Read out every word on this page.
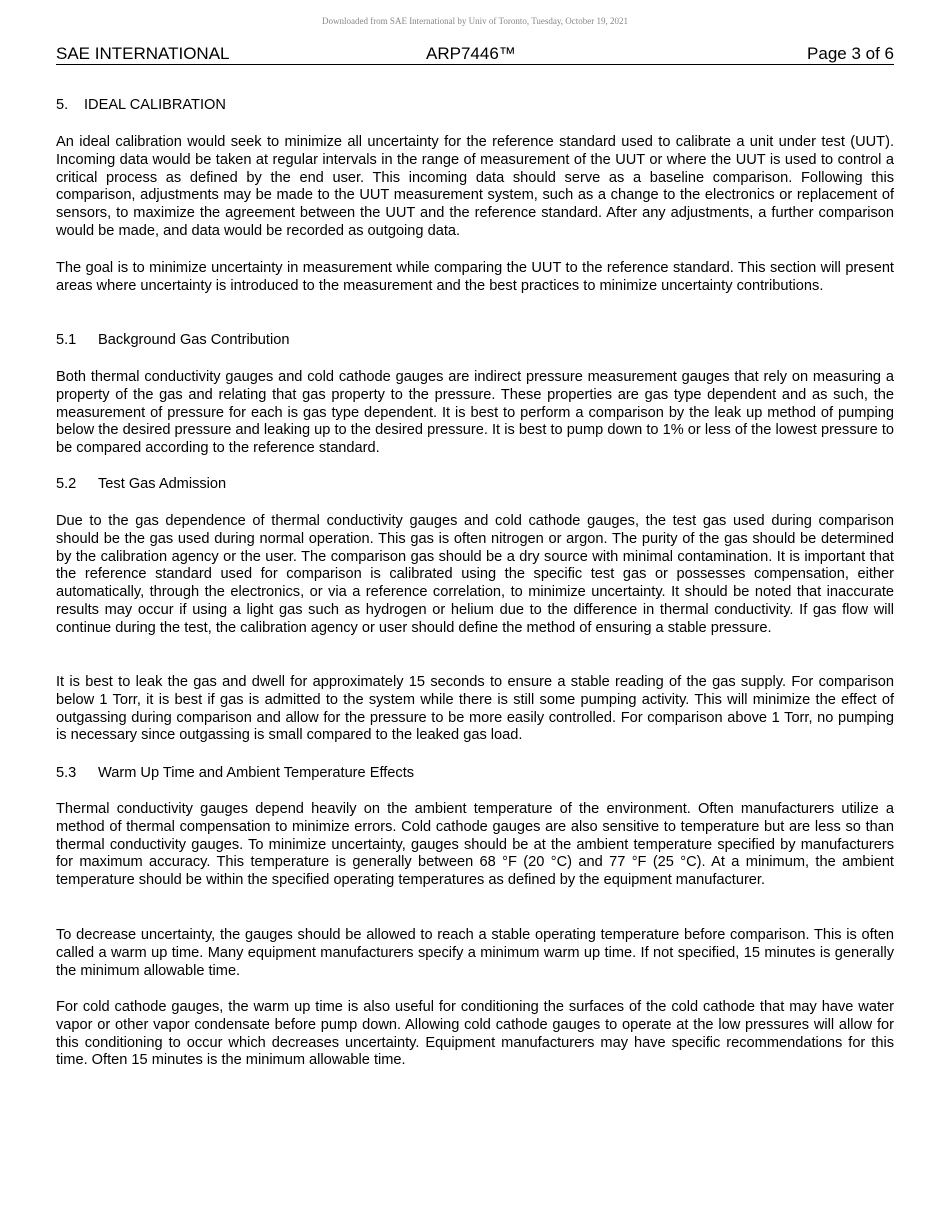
Downloaded from SAE International by Univ of Toronto, Tuesday, October 19, 2021
SAE INTERNATIONAL	ARP7446™	Page 3 of 6
5. IDEAL CALIBRATION
An ideal calibration would seek to minimize all uncertainty for the reference standard used to calibrate a unit under test (UUT). Incoming data would be taken at regular intervals in the range of measurement of the UUT or where the UUT is used to control a critical process as defined by the end user. This incoming data should serve as a baseline comparison. Following this comparison, adjustments may be made to the UUT measurement system, such as a change to the electronics or replacement of sensors, to maximize the agreement between the UUT and the reference standard. After any adjustments, a further comparison would be made, and data would be recorded as outgoing data.
The goal is to minimize uncertainty in measurement while comparing the UUT to the reference standard. This section will present areas where uncertainty is introduced to the measurement and the best practices to minimize uncertainty contributions.
5.1 Background Gas Contribution
Both thermal conductivity gauges and cold cathode gauges are indirect pressure measurement gauges that rely on measuring a property of the gas and relating that gas property to the pressure. These properties are gas type dependent and as such, the measurement of pressure for each is gas type dependent. It is best to perform a comparison by the leak up method of pumping below the desired pressure and leaking up to the desired pressure. It is best to pump down to 1% or less of the lowest pressure to be compared according to the reference standard.
5.2 Test Gas Admission
Due to the gas dependence of thermal conductivity gauges and cold cathode gauges, the test gas used during comparison should be the gas used during normal operation. This gas is often nitrogen or argon. The purity of the gas should be determined by the calibration agency or the user. The comparison gas should be a dry source with minimal contamination. It is important that the reference standard used for comparison is calibrated using the specific test gas or possesses compensation, either automatically, through the electronics, or via a reference correlation, to minimize uncertainty. It should be noted that inaccurate results may occur if using a light gas such as hydrogen or helium due to the difference in thermal conductivity. If gas flow will continue during the test, the calibration agency or user should define the method of ensuring a stable pressure.
It is best to leak the gas and dwell for approximately 15 seconds to ensure a stable reading of the gas supply. For comparison below 1 Torr, it is best if gas is admitted to the system while there is still some pumping activity. This will minimize the effect of outgassing during comparison and allow for the pressure to be more easily controlled. For comparison above 1 Torr, no pumping is necessary since outgassing is small compared to the leaked gas load.
5.3 Warm Up Time and Ambient Temperature Effects
Thermal conductivity gauges depend heavily on the ambient temperature of the environment. Often manufacturers utilize a method of thermal compensation to minimize errors. Cold cathode gauges are also sensitive to temperature but are less so than thermal conductivity gauges. To minimize uncertainty, gauges should be at the ambient temperature specified by manufacturers for maximum accuracy. This temperature is generally between 68 °F (20 °C) and 77 °F (25 °C). At a minimum, the ambient temperature should be within the specified operating temperatures as defined by the equipment manufacturer.
To decrease uncertainty, the gauges should be allowed to reach a stable operating temperature before comparison. This is often called a warm up time. Many equipment manufacturers specify a minimum warm up time. If not specified, 15 minutes is generally the minimum allowable time.
For cold cathode gauges, the warm up time is also useful for conditioning the surfaces of the cold cathode that may have water vapor or other vapor condensate before pump down. Allowing cold cathode gauges to operate at the low pressures will allow for this conditioning to occur which decreases uncertainty. Equipment manufacturers may have specific recommendations for this time. Often 15 minutes is the minimum allowable time.
